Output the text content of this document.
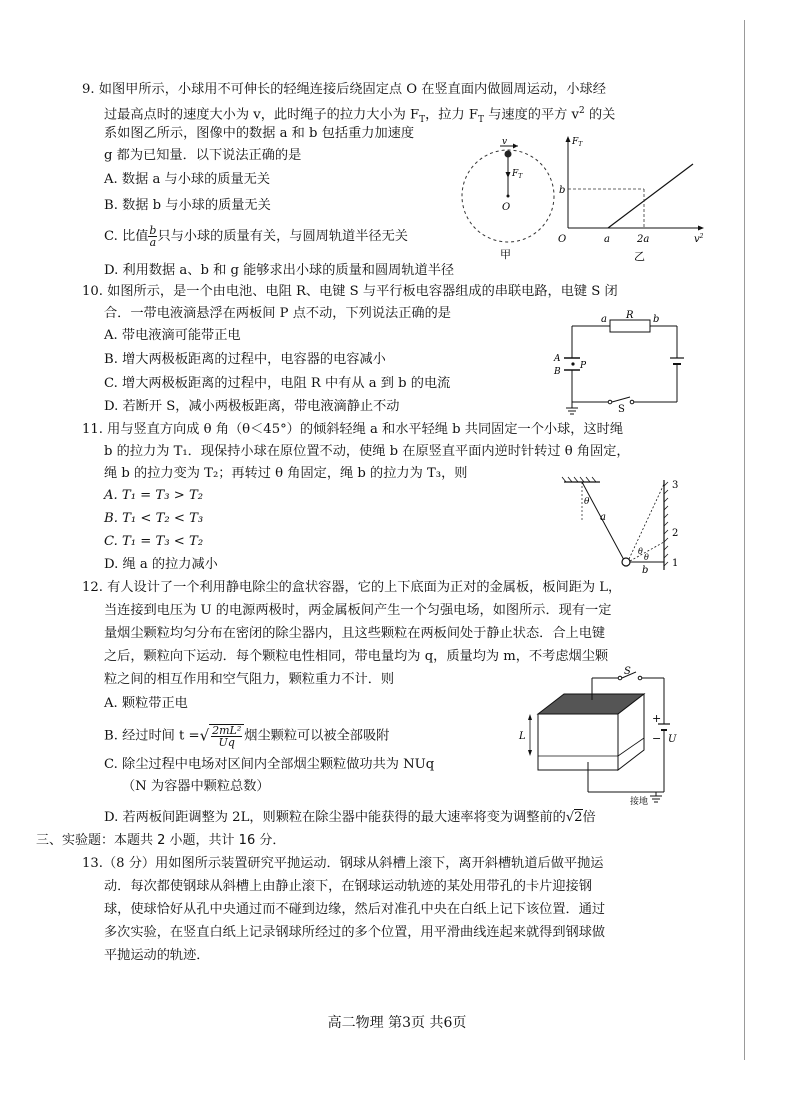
9. 如图甲所示，小球用不可伸长的轻绳连接后绕固定点 O 在竖直面内做圆周运动，小球经
过最高点时的速度大小为 v，此时绳子的拉力大小为 $F_T$，拉力 $F_T$ 与速度的平方 $v^2$ 的关
系如图乙所示，图像中的数据 a 和 b 包括重力加速度
g 都为已知量．以下说法正确的是
A. 数据 a 与小球的质量无关
B. 数据 b 与小球的质量无关
C. 比值 $\frac{b}{a}$ 只与小球的质量有关，与圆周轨道半径无关
D. 利用数据 a、b 和 g 能够求出小球的质量和圆周轨道半径
v
$F_T$
O
甲
$F_T$
b
O	a	2a	$v^2$
乙
10. 如图所示，是一个由电池、电阻 R、电键 S 与平行板电容器组成的串联电路，电键 S 闭
合．一带电液滴悬浮在两板间 P 点不动，下列说法正确的是
A. 带电液滴可能带正电
B. 增大两极板距离的过程中，电容器的电容减小
C. 增大两极板距离的过程中，电阻 R 中有从 a 到 b 的电流
D. 若断开 S，减小两极板距离，带电液滴静止不动
a R b
A
B
P
S
11. 用与竖直方向成 θ 角（θ＜45°）的倾斜轻绳 a 和水平轻绳 b 共同固定一个小球，这时绳
b 的拉力为 T₁．现保持小球在原位置不动，使绳 b 在原竖直平面内逆时针转过 θ 角固定，
绳 b 的拉力变为 T₂；再转过 θ 角固定，绳 b 的拉力为 T₃，则
A. T₁ = T₃ > T₂
B. T₁ < T₂ < T₃
C. T₁ = T₃ < T₂
D. 绳 a 的拉力减小
θ
a
b
θ
θ
1
2
3
12. 有人设计了一个利用静电除尘的盒状容器，它的上下底面为正对的金属板，板间距为 L，
当连接到电压为 U 的电源两极时，两金属板间产生一个匀强电场，如图所示．现有一定
量烟尘颗粒均匀分布在密闭的除尘器内，且这些颗粒在两板间处于静止状态．合上电键
之后，颗粒向下运动．每个颗粒电性相同，带电量均为 q，质量均为 m，不考虑烟尘颗
粒之间的相互作用和空气阻力，颗粒重力不计．则
A. 颗粒带正电
B. 经过时间 t =√ $\frac{\text{2mL²}}{Uq}$ 烟尘颗粒可以被全部吸附
C. 除尘过程中电场对区间内全部烟尘颗粒做功共为 NUq
（N 为容器中颗粒总数）
D. 若两板间距调整为 2L，则颗粒在除尘器中能获得的最大速率将变为调整前的√2倍
S
+
− U
L
接地
三、实验题：本题共 2 小题，共计 16 分．
13.（8 分）用如图所示装置研究平抛运动．钢球从斜槽上滚下，离开斜槽轨道后做平抛运
动．每次都使钢球从斜槽上由静止滚下，在钢球运动轨迹的某处用带孔的卡片迎接钢
球，使球恰好从孔中央通过而不碰到边缘，然后对准孔中央在白纸上记下该位置．通过
多次实验，在竖直白纸上记录钢球所经过的多个位置，用平滑曲线连起来就得到钢球做
平抛运动的轨迹．
高二物理 第3页 共6页
